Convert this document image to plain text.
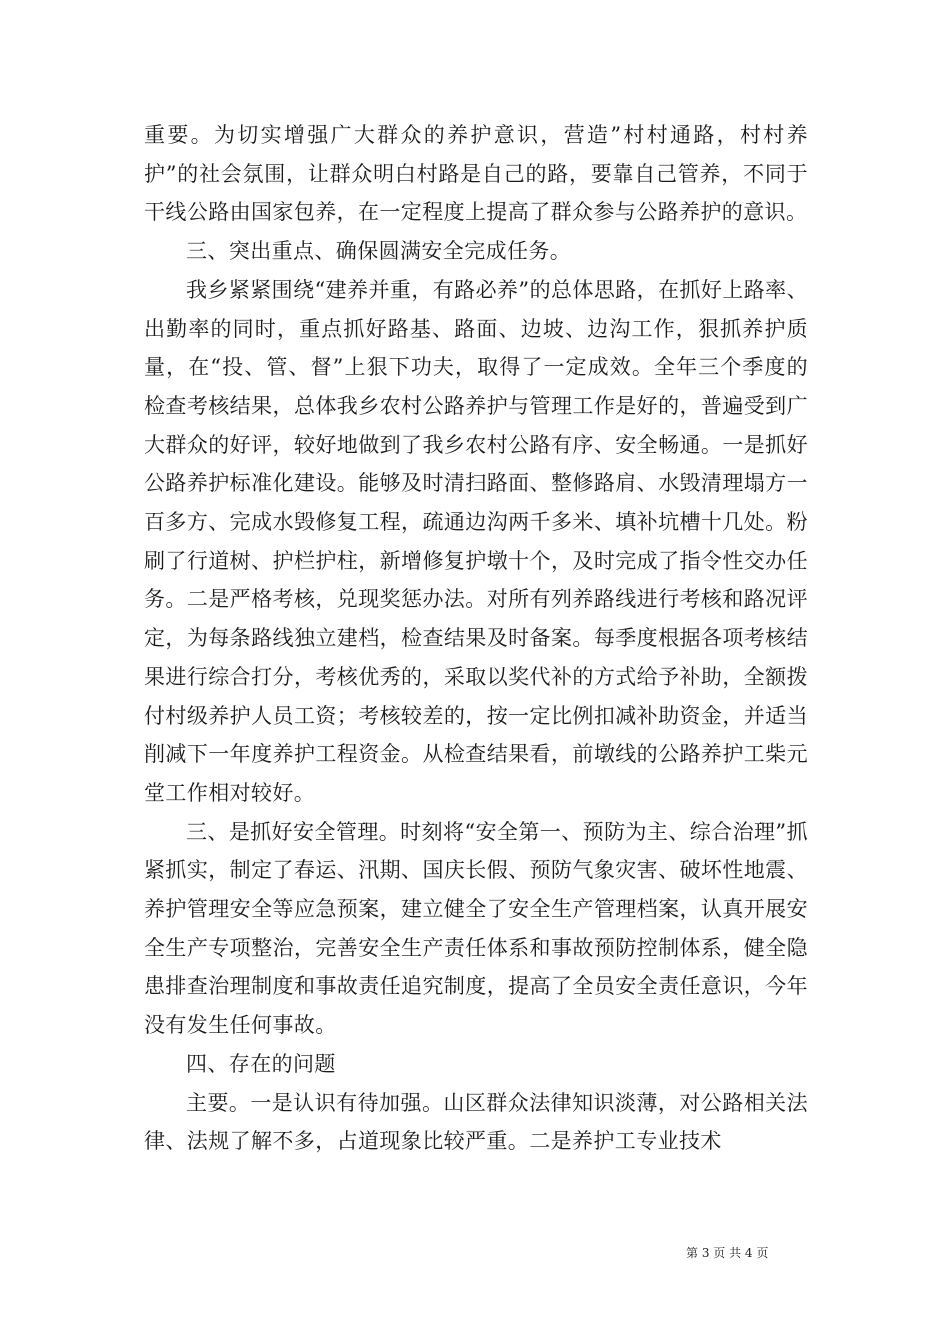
重要。为切实增强广大群众的养护意识，营造”村村通路，村村养护”的社会氛围，让群众明白村路是自己的路，要靠自己管养，不同于干线公路由国家包养，在一定程度上提高了群众参与公路养护的意识。

三、突出重点、确保圆满安全完成任务。

我乡紧紧围绕“建养并重，有路必养”的总体思路，在抓好上路率、出勤率的同时，重点抓好路基、路面、边坡、边沟工作，狠抓养护质量，在“投、管、督”上狠下功夫，取得了一定成效。全年三个季度的检查考核结果，总体我乡农村公路养护与管理工作是好的，普遍受到广大群众的好评，较好地做到了我乡农村公路有序、安全畅通。一是抓好公路养护标准化建设。能够及时清扫路面、整修路肩、水毁清理塌方一百多方、完成水毁修复工程，疏通边沟两千多米、填补坑槽十几处。粉刷了行道树、护栏护柱，新增修复护墩十个，及时完成了指令性交办任务。二是严格考核，兑现奖惩办法。对所有列养路线进行考核和路况评定，为每条路线独立建档，检查结果及时备案。每季度根据各项考核结果进行综合打分，考核优秀的，采取以奖代补的方式给予补助，全额拨付村级养护人员工资；考核较差的，按一定比例扣减补助资金，并适当削减下一年度养护工程资金。从检查结果看，前墩线的公路养护工柴元堂工作相对较好。

三、是抓好安全管理。时刻将“安全第一、预防为主、综合治理”抓紧抓实，制定了春运、汛期、国庆长假、预防气象灾害、破坏性地震、养护管理安全等应急预案，建立健全了安全生产管理档案，认真开展安全生产专项整治，完善安全生产责任体系和事故预防控制体系，健全隐患排查治理制度和事故责任追究制度，提高了全员安全责任意识，今年没有发生任何事故。

四、存在的问题

主要。一是认识有待加强。山区群众法律知识淡薄，对公路相关法律、法规了解不多，占道现象比较严重。二是养护工专业技术

第 3 页 共 4 页
